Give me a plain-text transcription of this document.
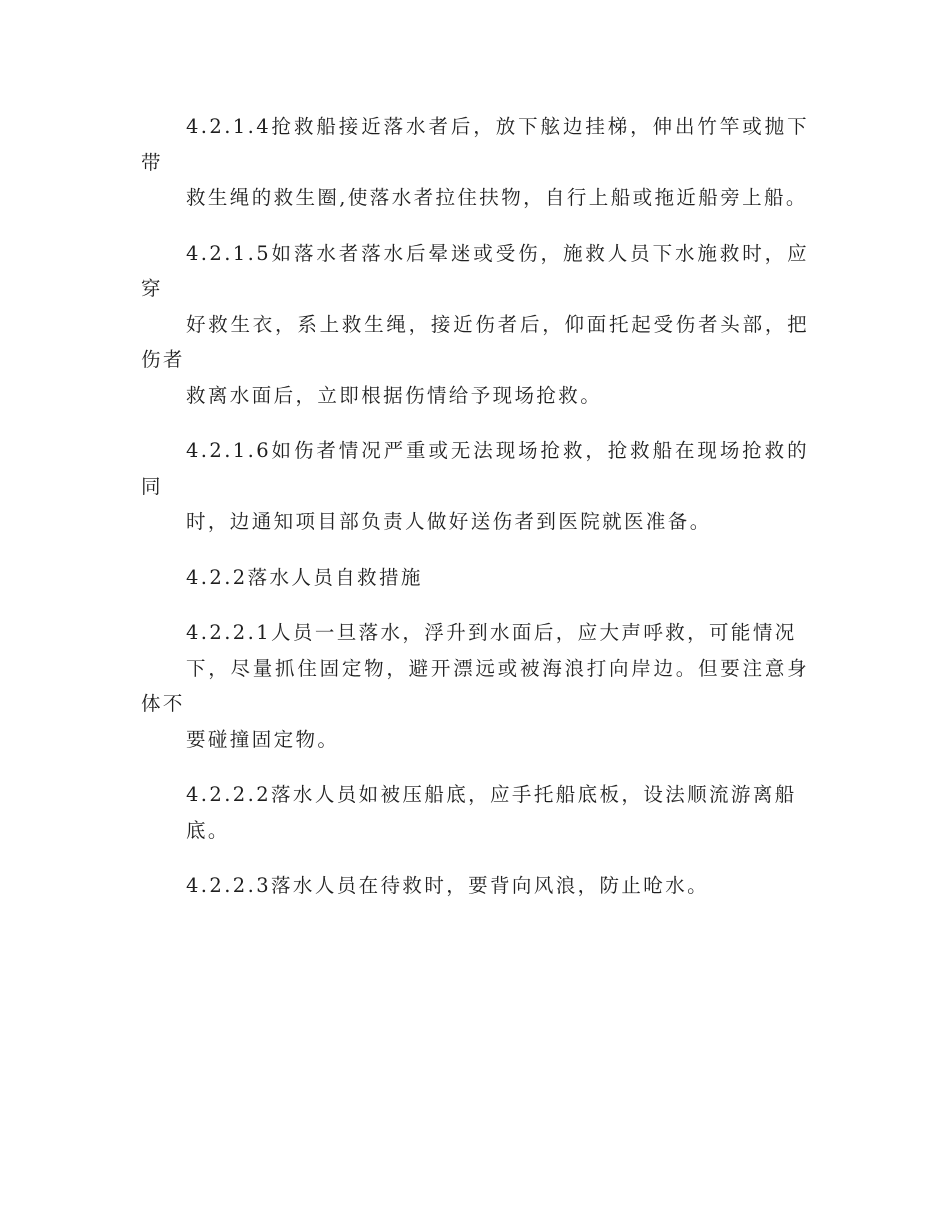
4.2.1.4抢救船接近落水者后，放下舷边挂梯，伸出竹竿或抛下带
救生绳的救生圈,使落水者拉住扶物，自行上船或拖近船旁上船。

4.2.1.5如落水者落水后晕迷或受伤，施救人员下水施救时，应穿
好救生衣，系上救生绳，接近伤者后，仰面托起受伤者头部，把伤者
救离水面后，立即根据伤情给予现场抢救。

4.2.1.6如伤者情况严重或无法现场抢救，抢救船在现场抢救的同
时，边通知项目部负责人做好送伤者到医院就医准备。

4.2.2落水人员自救措施

4.2.2.1人员一旦落水，浮升到水面后，应大声呼救，可能情况
下，尽量抓住固定物，避开漂远或被海浪打向岸边。但要注意身体不
要碰撞固定物。

4.2.2.2落水人员如被压船底，应手托船底板，设法顺流游离船
底。

4.2.2.3落水人员在待救时，要背向风浪，防止呛水。
